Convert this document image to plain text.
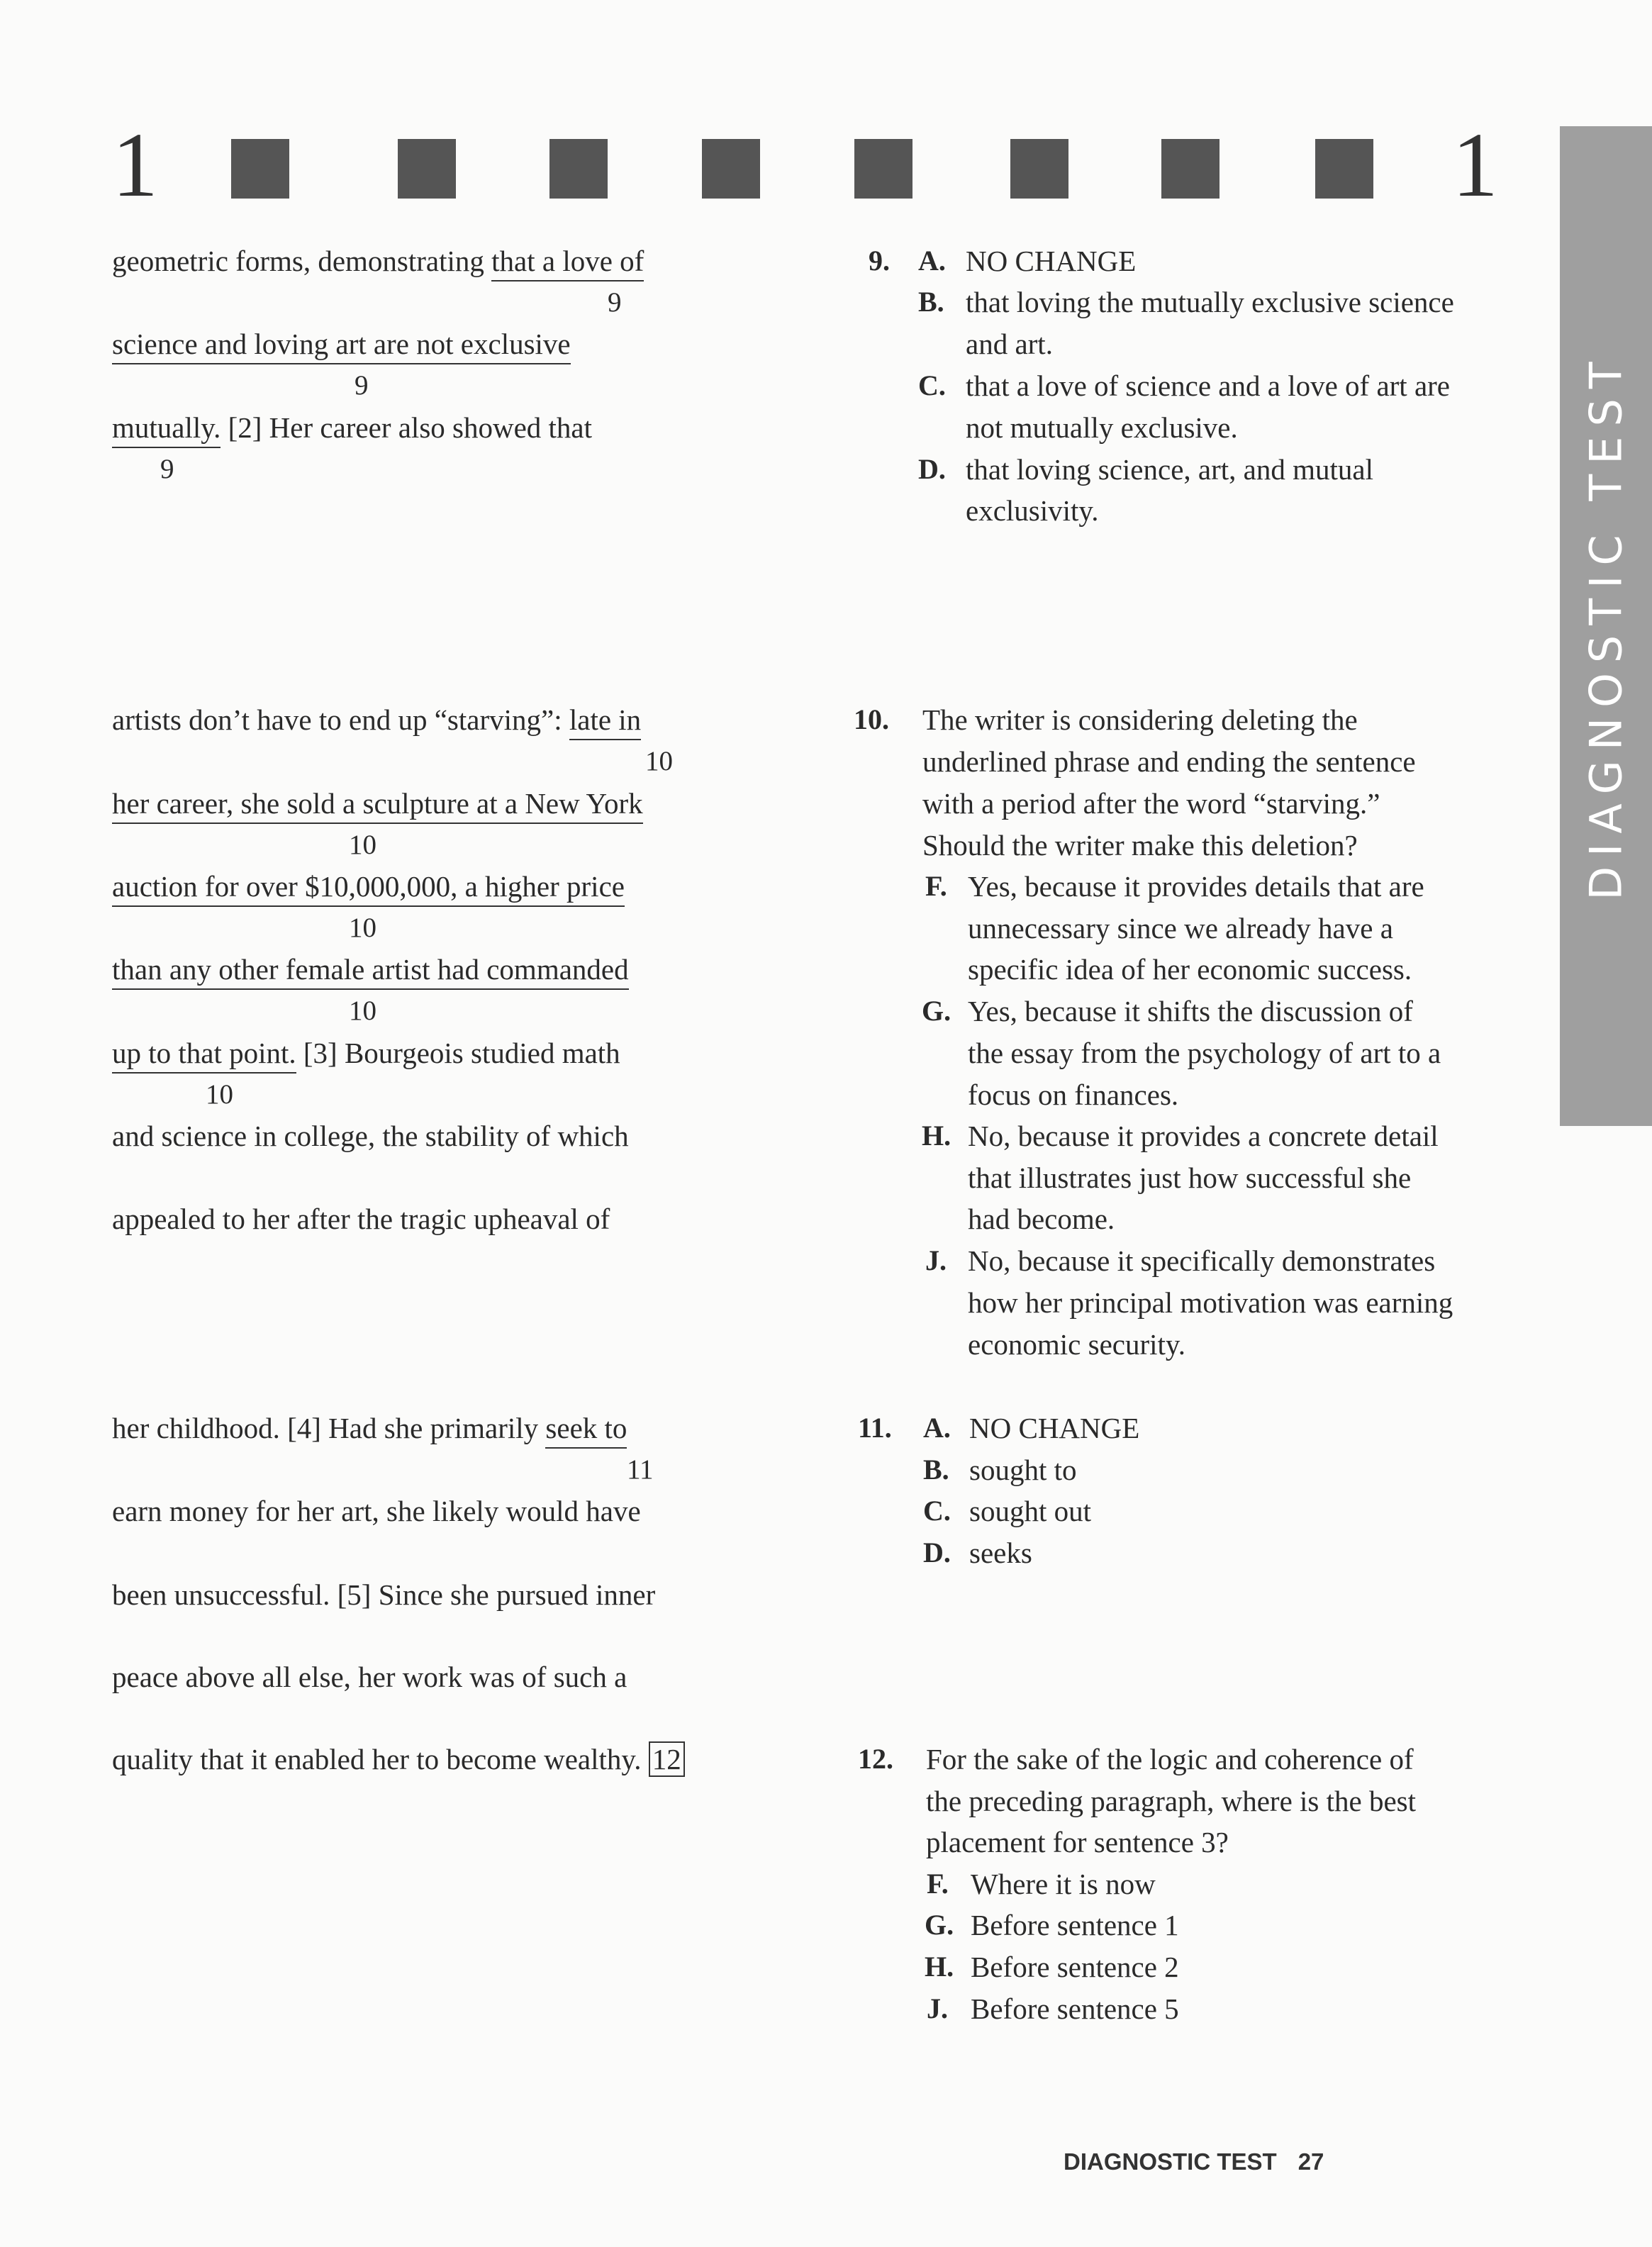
1	1
DIAGNOSTIC TEST
geometric forms, demonstrating that a love of
9
science and loving art are not exclusive
9
mutually. [2] Her career also showed that
9
artists don’t have to end up “starving”: late in
10
her career, she sold a sculpture at a New York
10
auction for over $10,000,000, a higher price
10
than any other female artist had commanded
10
up to that point. [3] Bourgeois studied math
10
and science in college, the stability of which
appealed to her after the tragic upheaval of
her childhood. [4] Had she primarily seek to
11
earn money for her art, she likely would have
been unsuccessful. [5] Since she pursued inner
peace above all else, her work was of such a
quality that it enabled her to become wealthy. 12
9. A. NO CHANGE
B. that loving the mutually exclusive science
and art.
C. that a love of science and a love of art are
not mutually exclusive.
D. that loving science, art, and mutual
exclusivity.
10. The writer is considering deleting the
underlined phrase and ending the sentence
with a period after the word “starving.”
Should the writer make this deletion?
F. Yes, because it provides details that are
unnecessary since we already have a
specific idea of her economic success.
G. Yes, because it shifts the discussion of
the essay from the psychology of art to a
focus on finances.
H. No, because it provides a concrete detail
that illustrates just how successful she
had become.
J. No, because it specifically demonstrates
how her principal motivation was earning
economic security.
11. A. NO CHANGE
B. sought to
C. sought out
D. seeks
12. For the sake of the logic and coherence of
the preceding paragraph, where is the best
placement for sentence 3?
F. Where it is now
G. Before sentence 1
H. Before sentence 2
J. Before sentence 5
DIAGNOSTIC TEST 27
